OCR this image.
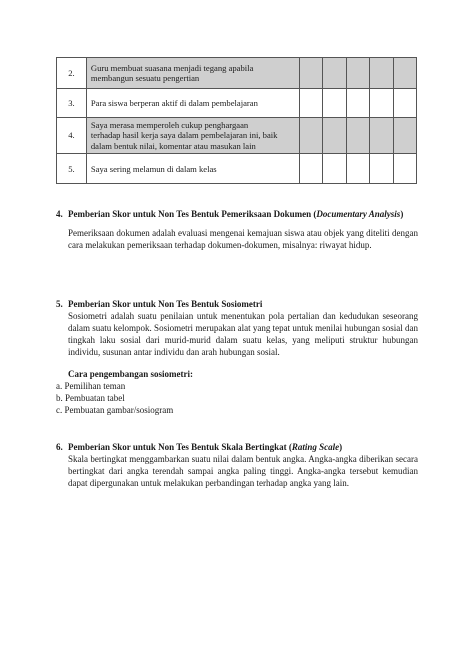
2.	Guru membuat suasana menjadi tegang apabila
membangun sesuatu pengertian					

3.	Para siswa berperan aktif di dalam pembelajaran					

4.	Saya merasa memperoleh cukup penghargaan
terhadap hasil kerja saya dalam pembelajaran ini, baik
dalam bentuk nilai, komentar atau masukan lain					

5.	Saya sering melamun di dalam kelas					

4. Pemberian Skor untuk Non Tes Bentuk Pemeriksaan Dokumen (Documentary Analysis)

Pemeriksaan dokumen adalah evaluasi mengenai kemajuan siswa atau objek yang diteliti dengan cara melakukan pemeriksaan terhadap dokumen-dokumen, misalnya: riwayat hidup.

5. Pemberian Skor untuk Non Tes Bentuk Sosiometri

Sosiometri adalah suatu penilaian untuk menentukan pola pertalian dan kedudukan seseorang dalam suatu kelompok. Sosiometri merupakan alat yang tepat untuk menilai hubungan sosial dan tingkah laku sosial dari murid-murid dalam suatu kelas, yang meliputi struktur hubungan individu, susunan antar individu dan arah hubungan sosial.

Cara pengembangan sosiometri:

a. Pemilihan teman
b. Pembuatan tabel
c. Pembuatan gambar/sosiogram

6. Pemberian Skor untuk Non Tes Bentuk Skala Bertingkat (Rating Scale)

Skala bertingkat menggambarkan suatu nilai dalam bentuk angka. Angka-angka diberikan secara bertingkat dari angka terendah sampai angka paling tinggi. Angka-angka tersebut kemudian dapat dipergunakan untuk melakukan perbandingan terhadap angka yang lain.
